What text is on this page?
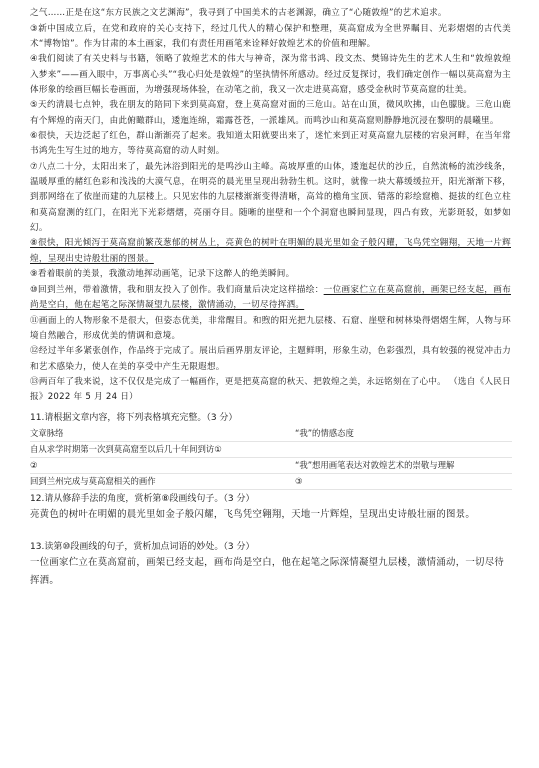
之气……正是在这“东方民族之文艺渊海”，我寻到了中国美术的古老渊源，确立了“心随敦煌”的艺术追求。

③新中国成立后，在党和政府的关心支持下，经过几代人的精心保护和整理，莫高窟成为全世界瞩目、光彩熠熠的古代美术“博物馆”。作为甘肃的本土画家，我们有责任用画笔来诠释好敦煌艺术的价值和理解。

④我们阅读了有关史料与书籍，领略了敦煌艺术的伟大与神奇，深为常书鸿、段文杰、樊锦诗先生的艺术人生和“敦煌敦煌入梦来”——画入眼中，万事离心头”“我心归处是敦煌”的坚执情怀所感动。经过反复探讨，我们确定创作一幅以莫高窟为主体形象的绘画巨幅长卷画面，为增强现场体验，在动笔之前，我又一次走进莫高窟，感受金秋时节莫高窟的壮美。

⑤天约清晨七点钟，我在朋友的陪同下来到莫高窟，登上莫高窟对面的三危山。站在山顶，微风吹拂，山色朦胧。三危山鹿有个辉煌的南天门，由此俯瞰群山，逶迤连绵，霜露苍苍，一派雄风。而鸣沙山和莫高窟则静静地沉浸在黎明的晨曦里。

⑥很快，天边泛起了红色，群山渐渐亮了起来。我知道太阳就要出来了，迷忙来到正对莫高窟九层楼的宕泉河畔，在当年常书鸿先生写生过的地方，等待莫高窟的动人时刻。

⑦八点二十分，太阳出来了，最先沐浴到阳光的是鸣沙山主峰。高坡厚重的山体，逶迤起伏的沙丘，自然流畅的流沙线条，温暖厚重的赭红色彩和浅浅的大漠气息，在明亮的晨光里呈现出勃勃生机。这时，就像一块大幕缓缓拉开，阳光渐渐下移，到那网络在了依崖而建的九层楼上。只见宏伟的九层楼渐渐变得清晰，高耸的檐角宝顶、错落的彩绘窟檐、挺拔的红色立柱和莫高窟测的红门，在阳光下光彩熠熠，亮丽夺目。随晰的崖壁和一个个洞窟也瞬间显现，四凸有致，光影斑驳，如梦如幻。

⑧很快，阳光倾泻于莫高窟前繁茂葱郁的树丛上，亮黄色的树叶在明媚的晨光里如金子般闪耀，飞鸟凭空翱翔，天地一片辉煌，呈现出史诗般壮丽的图景。

⑨看着眼前的美景，我激动地挥动画笔，记录下这醉人的绝美瞬间。

⑩回到兰州，带着激情，我和朋友投入了创作。我们商量后决定这样描绘：一位画家伫立在莫高窟前，画架已经支起，画布尚是空白，他在起笔之际深情凝望九层楼，激情涌动，一切尽待挥洒。

⑪画面上的人物形象不是很大，但姿态优美，非常醒目。和煦的阳光把九层楼、石窟、崖壁和树林染得熠熠生辉，人物与环境自然融合，形成优美的情调和意境。

⑫经过半年多紧张创作，作品终于完成了。展出后画界朋友评论，主题鲜明，形象生动，色彩强烈，具有较强的视觉冲击力和艺术感染力，使人在美的享受中产生无限遐想。

⑬两百年了我来说，这不仅仅是完成了一幅画作，更是把莫高窟的秋天、把敦煌之美，永远铭刻在了心中。 （选自《人民日报》2022 年 5 月 24 日）

11.请根据文章内容，将下列表格填充完整。（3 分）

文章脉络	“我”的情感态度
自从求学时期第一次到莫高窟至以后几十年间到访①
②	“我”想用画笔表达对敦煌艺术的崇敬与理解
回到兰州完成与莫高窟相关的画作	③

12.请从修辞手法的角度，赏析第⑧段画线句子。（3 分）

亮黄色的树叶在明媚的晨光里如金子般闪耀，飞鸟凭空翱翔，天地一片辉煌，呈现出史诗般壮丽的图景。

13.读第⑩段画线的句子，赏析加点词语的妙处。（3 分）

一位画家伫立在莫高窟前，画架已经支起，画布尚是空白，他在起笔之际深情凝望九层楼，激情涌动，一切尽待挥洒。
